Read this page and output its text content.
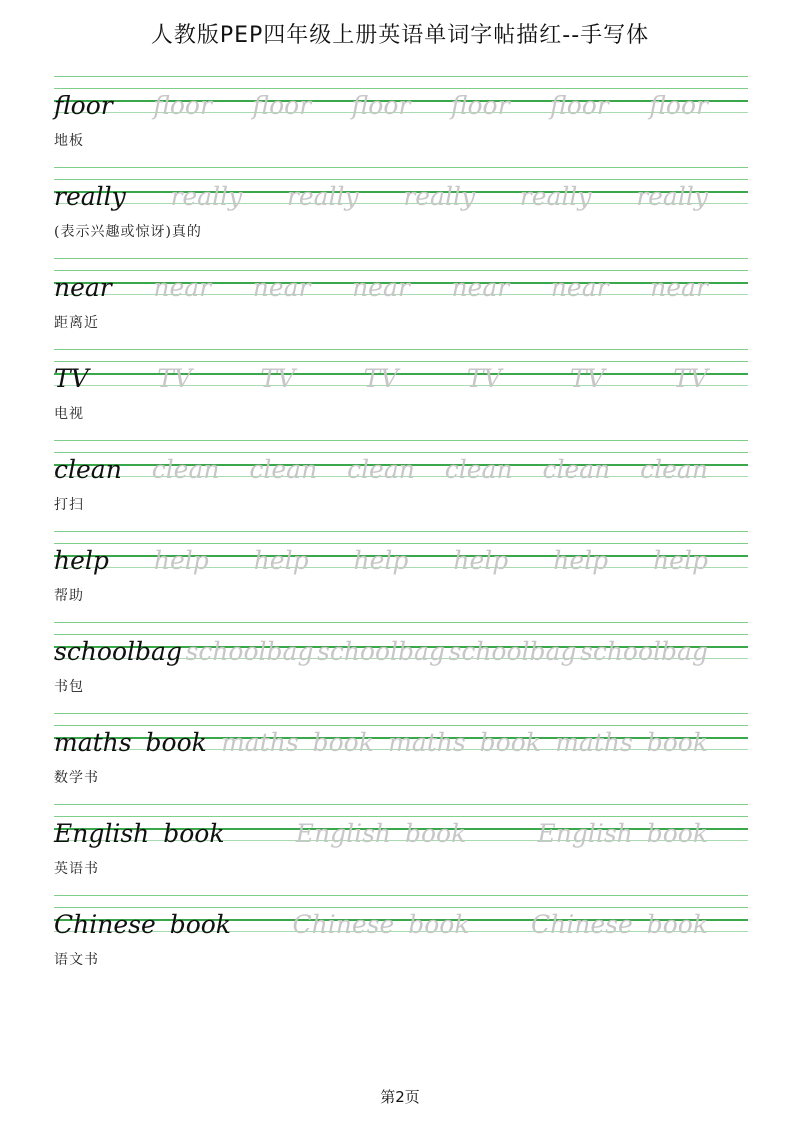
人教版PEP四年级上册英语单词字帖描红--手写体
floor floor floor floor floor floor floor
地板
really really really really really really
(表示兴趣或惊讶)真的
near near near near near near near
距离近
TV	TV	TV	TV	TV	TV	TV
电视
clean clean clean clean clean clean clean
打扫
help help help help help help help
帮助
schoolbag schoolbag schoolbag schoolbag schoolbag
书包
maths book maths book maths book maths book
数学书
English book	English book	English book
英语书
Chinese book Chinese book Chinese book
语文书
第2页
